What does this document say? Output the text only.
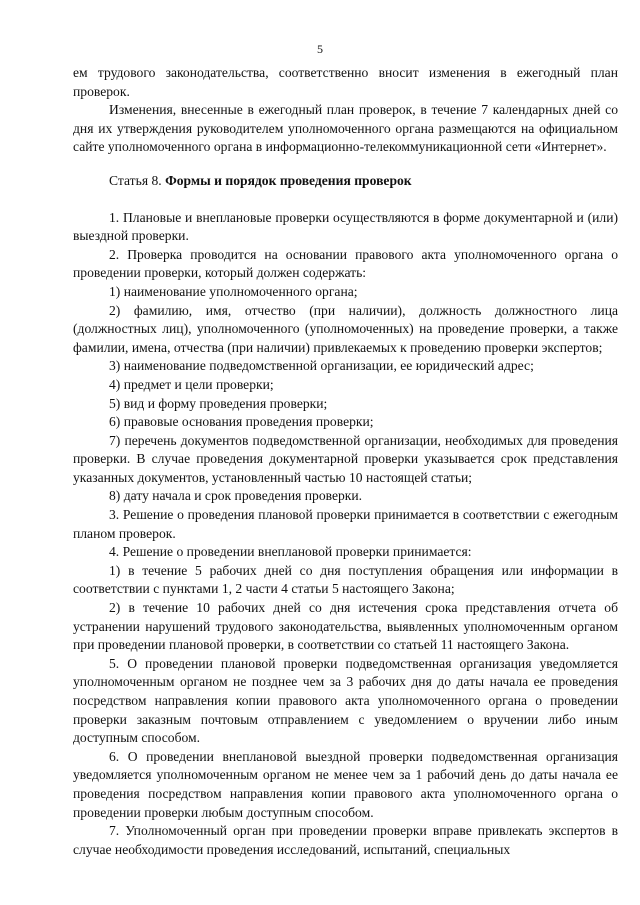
5

ем трудового законодательства, соответственно вносит изменения в ежегодный план проверок.

Изменения, внесенные в ежегодный план проверок, в течение 7 календарных дней со дня их утверждения руководителем уполномоченного органа размещаются на официальном сайте уполномоченного органа в информационно-телекоммуникационной сети «Интернет».

Статья 8. Формы и порядок проведения проверок

1. Плановые и внеплановые проверки осуществляются в форме документарной и (или) выездной проверки.

2. Проверка проводится на основании правового акта уполномоченного органа о проведении проверки, который должен содержать:

1) наименование уполномоченного органа;

2) фамилию, имя, отчество (при наличии), должность должностного лица (должностных лиц), уполномоченного (уполномоченных) на проведение проверки, а также фамилии, имена, отчества (при наличии) привлекаемых к проведению проверки экспертов;

3) наименование подведомственной организации, ее юридический адрес;

4) предмет и цели проверки;

5) вид и форму проведения проверки;

6) правовые основания проведения проверки;

7) перечень документов подведомственной организации, необходимых для проведения проверки. В случае проведения документарной проверки указывается срок представления указанных документов, установленный частью 10 настоящей статьи;

8) дату начала и срок проведения проверки.

3. Решение о проведения плановой проверки принимается в соответствии с ежегодным планом проверок.

4. Решение о проведении внеплановой проверки принимается:

1) в течение 5 рабочих дней со дня поступления обращения или информации в соответствии с пунктами 1, 2 части 4 статьи 5 настоящего Закона;

2) в течение 10 рабочих дней со дня истечения срока представления отчета об устранении нарушений трудового законодательства, выявленных уполномоченным органом при проведении плановой проверки, в соответствии со статьей 11 настоящего Закона.

5. О проведении плановой проверки подведомственная организация уведомляется уполномоченным органом не позднее чем за 3 рабочих дня до даты начала ее проведения посредством направления копии правового акта уполномоченного органа о проведении проверки заказным почтовым отправлением с уведомлением о вручении либо иным доступным способом.

6. О проведении внеплановой выездной проверки подведомственная организация уведомляется уполномоченным органом не менее чем за 1 рабочий день до даты начала ее проведения посредством направления копии правового акта уполномоченного органа о проведении проверки любым доступным способом.

7. Уполномоченный орган при проведении проверки вправе привлекать экспертов в случае необходимости проведения исследований, испытаний, специальных
